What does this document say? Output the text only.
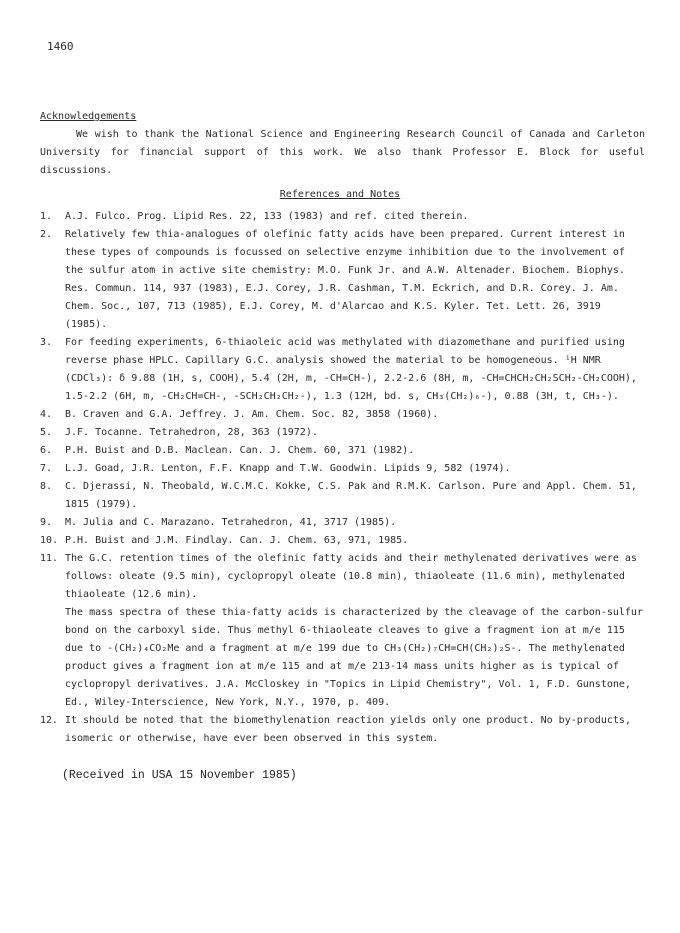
1460
Acknowledgements
We wish to thank the National Science and Engineering Research Council of Canada and Carleton University for financial support of this work. We also thank Professor E. Block for useful discussions.
References and Notes
1.	A.J. Fulco. Prog. Lipid Res. 22, 133 (1983) and ref. cited therein.

2.	Relatively few thia-analogues of olefinic fatty acids have been prepared. Current interest in these types of compounds is focussed on selective enzyme inhibition due to the involvement of the sulfur atom in active site chemistry: M.O. Funk Jr. and A.W. Altenader. Biochem. Biophys. Res. Commun. 114, 937 (1983), E.J. Corey, J.R. Cashman, T.M. Eckrich, and D.R. Corey. J. Am. Chem. Soc., 107, 713 (1985), E.J. Corey, M. d'Alarcao and K.S. Kyler. Tet. Lett. 26, 3919 (1985).

3.	For feeding experiments, 6-thiaoleic acid was methylated with diazomethane and purified using reverse phase HPLC. Capillary G.C. analysis showed the material to be homogeneous. ¹H NMR (CDCl₃): δ 9.88 (1H, s, COOH), 5.4 (2H, m, -CH=CH-), 2.2-2.6 (8H, m, -CH=CHCH₂CH₂SCH₂-CH₂COOH), 1.5-2.2 (6H, m, -CH₂CH=CH-, -SCH₂CH₂CH₂-), 1.3 (12H, bd. s, CH₃(CH₂)₆-), 0.88 (3H, t, CH₃-).

4.	B. Craven and G.A. Jeffrey. J. Am. Chem. Soc. 82, 3858 (1960).

5.	J.F. Tocanne. Tetrahedron, 28, 363 (1972).

6.	P.H. Buist and D.B. Maclean. Can. J. Chem. 60, 371 (1982).

7.	L.J. Goad, J.R. Lenton, F.F. Knapp and T.W. Goodwin. Lipids 9, 582 (1974).

8.	C. Djerassi, N. Theobald, W.C.M.C. Kokke, C.S. Pak and R.M.K. Carlson. Pure and Appl. Chem. 51, 1815 (1979).

9.	M. Julia and C. Marazano. Tetrahedron, 41, 3717 (1985).

10. P.H. Buist and J.M. Findlay. Can. J. Chem. 63, 971, 1985.

11. The G.C. retention times of the olefinic fatty acids and their methylenated derivatives were as follows: oleate (9.5 min), cyclopropyl oleate (10.8 min), thiaoleate (11.6 min), methylenated thiaoleate (12.6 min).

The mass spectra of these thia-fatty acids is characterized by the cleavage of the carbon-sulfur bond on the carboxyl side. Thus methyl 6-thiaoleate cleaves to give a fragment ion at m/e 115 due to -(CH₂)₄CO₂Me and a fragment at m/e 199 due to CH₃(CH₂)₇CH=CH(CH₂)₂S-. The methylenated product gives a fragment ion at m/e 115 and at m/e 213-14 mass units higher as is typical of cyclopropyl derivatives. J.A. McCloskey in "Topics in Lipid Chemistry", Vol. 1, F.D. Gunstone, Ed., Wiley-Interscience, New York, N.Y., 1970, p. 409.

12. It should be noted that the biomethylenation reaction yields only one product. No by-products, isomeric or otherwise, have ever been observed in this system.

(Received in USA 15 November 1985)
